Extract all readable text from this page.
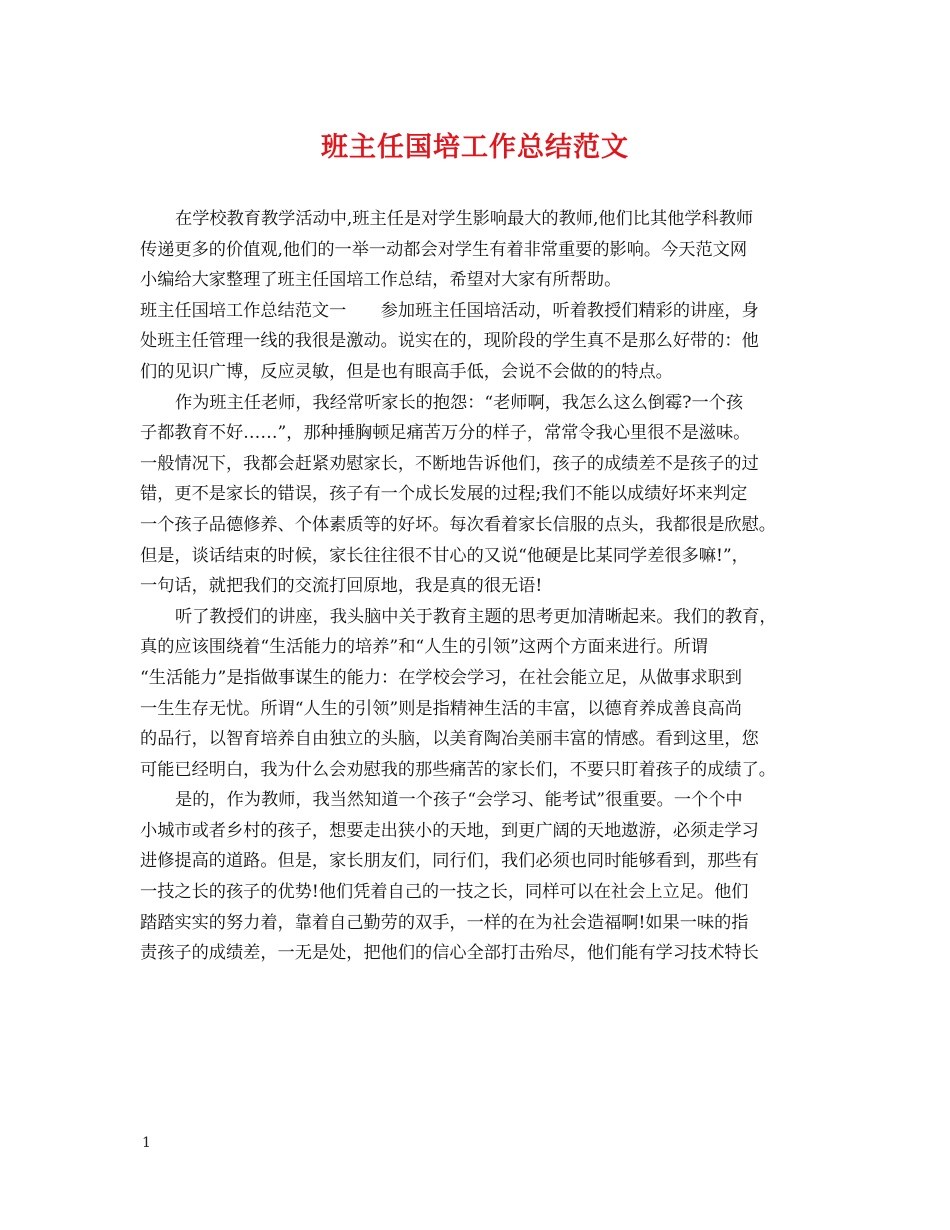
班主任国培工作总结范文
在学校教育教学活动中,班主任是对学生影响最大的教师,他们比其他学科教师
传递更多的价值观,他们的一举一动都会对学生有着非常重要的影响。今天范文网
小编给大家整理了班主任国培工作总结，希望对大家有所帮助。
班主任国培工作总结范文一　　参加班主任国培活动，听着教授们精彩的讲座，身
处班主任管理一线的我很是激动。说实在的，现阶段的学生真不是那么好带的：他
们的见识广博，反应灵敏，但是也有眼高手低，会说不会做的的特点。
作为班主任老师，我经常听家长的抱怨：“老师啊，我怎么这么倒霉?一个孩
子都教育不好……”，那种捶胸顿足痛苦万分的样子，常常令我心里很不是滋味。
一般情况下，我都会赶紧劝慰家长，不断地告诉他们，孩子的成绩差不是孩子的过
错，更不是家长的错误，孩子有一个成长发展的过程;我们不能以成绩好坏来判定
一个孩子品德修养、个体素质等的好坏。每次看着家长信服的点头，我都很是欣慰。
但是，谈话结束的时候，家长往往很不甘心的又说“他硬是比某同学差很多嘛!”，
一句话，就把我们的交流打回原地，我是真的很无语!
听了教授们的讲座，我头脑中关于教育主题的思考更加清晰起来。我们的教育，
真的应该围绕着“生活能力的培养”和“人生的引领”这两个方面来进行。所谓
“生活能力”是指做事谋生的能力：在学校会学习，在社会能立足，从做事求职到
一生生存无忧。所谓“人生的引领”则是指精神生活的丰富，以德育养成善良高尚
的品行，以智育培养自由独立的头脑，以美育陶冶美丽丰富的情感。看到这里，您
可能已经明白，我为什么会劝慰我的那些痛苦的家长们，不要只盯着孩子的成绩了。
是的，作为教师，我当然知道一个孩子“会学习、能考试”很重要。一个个中
小城市或者乡村的孩子，想要走出狭小的天地，到更广阔的天地遨游，必须走学习
进修提高的道路。但是，家长朋友们，同行们，我们必须也同时能够看到，那些有
一技之长的孩子的优势!他们凭着自己的一技之长，同样可以在社会上立足。他们
踏踏实实的努力着，靠着自己勤劳的双手，一样的在为社会造福啊!如果一味的指
责孩子的成绩差，一无是处，把他们的信心全部打击殆尽，他们能有学习技术特长
1
